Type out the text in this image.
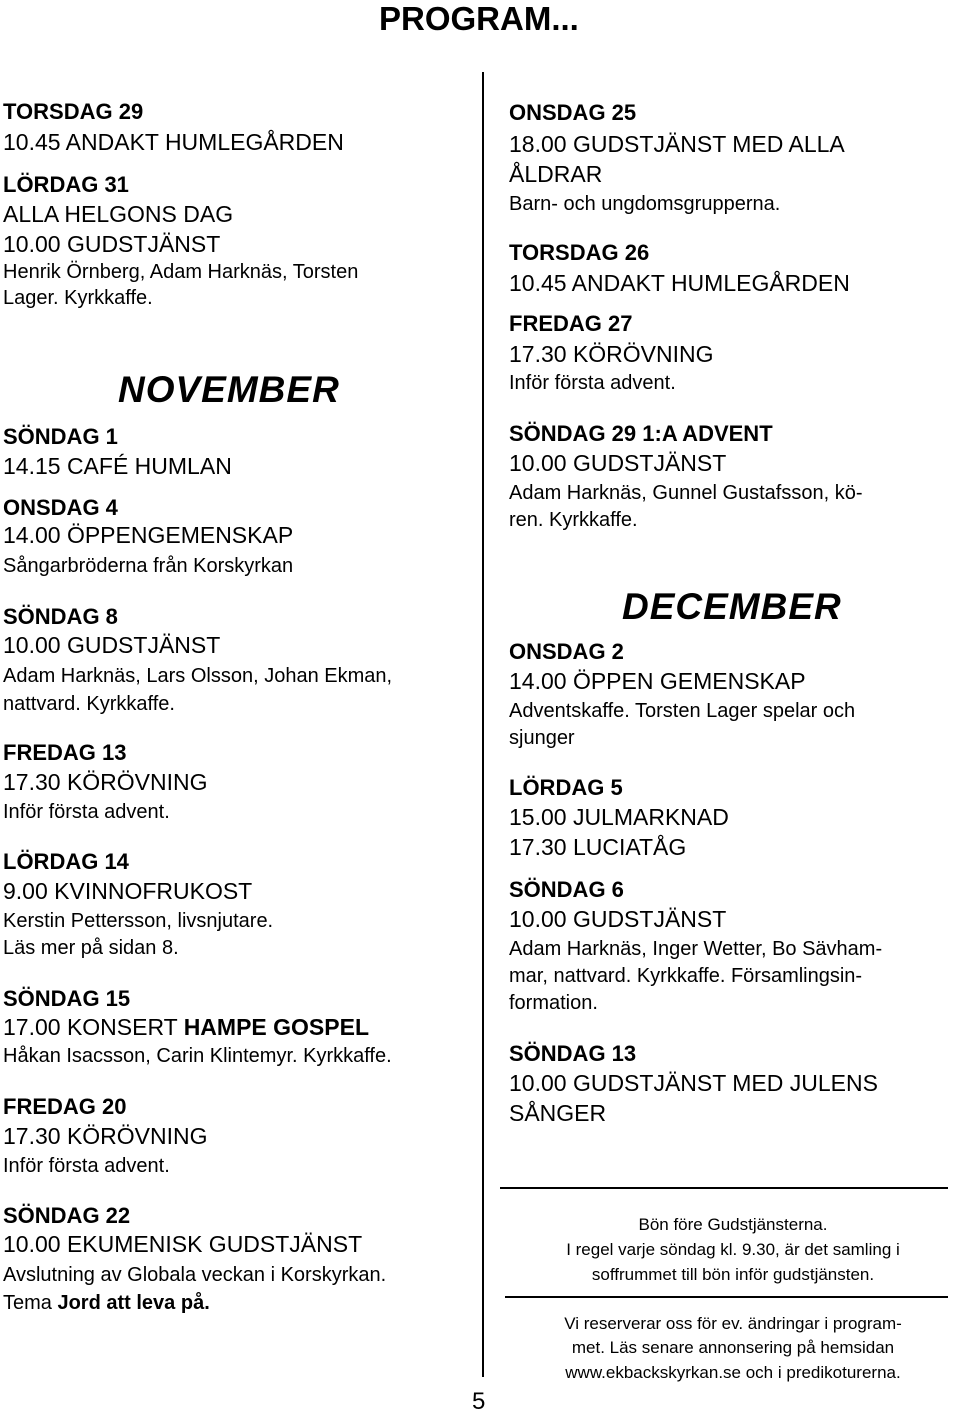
PROGRAM...
TORSDAG 29
10.45 ANDAKT HUMLEGÅRDEN
LÖRDAG 31
ALLA HELGONS DAG
10.00 GUDSTJÄNST
Henrik Örnberg, Adam Harknäs, Torsten
Lager. Kyrkkaffe.
NOVEMBER
SÖNDAG 1
14.15 CAFÉ HUMLAN
ONSDAG 4
14.00 ÖPPENGEMENSKAP
Sångarbröderna från Korskyrkan
SÖNDAG 8
10.00 GUDSTJÄNST
Adam Harknäs, Lars Olsson, Johan Ekman,
nattvard. Kyrkkaffe.
FREDAG 13
17.30 KÖRÖVNING
Inför första advent.
LÖRDAG 14
9.00 KVINNOFRUKOST
Kerstin Pettersson, livsnjutare.
Läs mer på sidan 8.
SÖNDAG 15
17.00 KONSERT HAMPE GOSPEL
Håkan Isacsson, Carin Klintemyr. Kyrkkaffe.
FREDAG 20
17.30 KÖRÖVNING
Inför första advent.
SÖNDAG 22
10.00 EKUMENISK GUDSTJÄNST
Avslutning av Globala veckan i Korskyrkan.
Tema Jord att leva på.
5
ONSDAG 25
18.00 GUDSTJÄNST MED ALLA
ÅLDRAR
Barn- och ungdomsgrupperna.
TORSDAG 26
10.45 ANDAKT HUMLEGÅRDEN
FREDAG 27
17.30 KÖRÖVNING
Inför första advent.
SÖNDAG 29 1:A ADVENT
10.00 GUDSTJÄNST
Adam Harknäs, Gunnel Gustafsson, kö-
ren. Kyrkkaffe.
DECEMBER
ONSDAG 2
14.00 ÖPPEN GEMENSKAP
Adventskaffe. Torsten Lager spelar och
sjunger
LÖRDAG 5
15.00 JULMARKNAD
17.30 LUCIATÅG
SÖNDAG 6
10.00 GUDSTJÄNST
Adam Harknäs, Inger Wetter, Bo Sävham-
mar, nattvard. Kyrkkaffe. Församlingsin-
formation.
SÖNDAG 13
10.00 GUDSTJÄNST MED JULENS
SÅNGER
Bön före Gudstjänsterna.
I regel varje söndag kl. 9.30, är det samling i
soffrummet till bön inför gudstjänsten.
Vi reserverar oss för ev. ändringar i program-
met. Läs senare annonsering på hemsidan
www.ekbackskyrkan.se och i predikoturerna.
